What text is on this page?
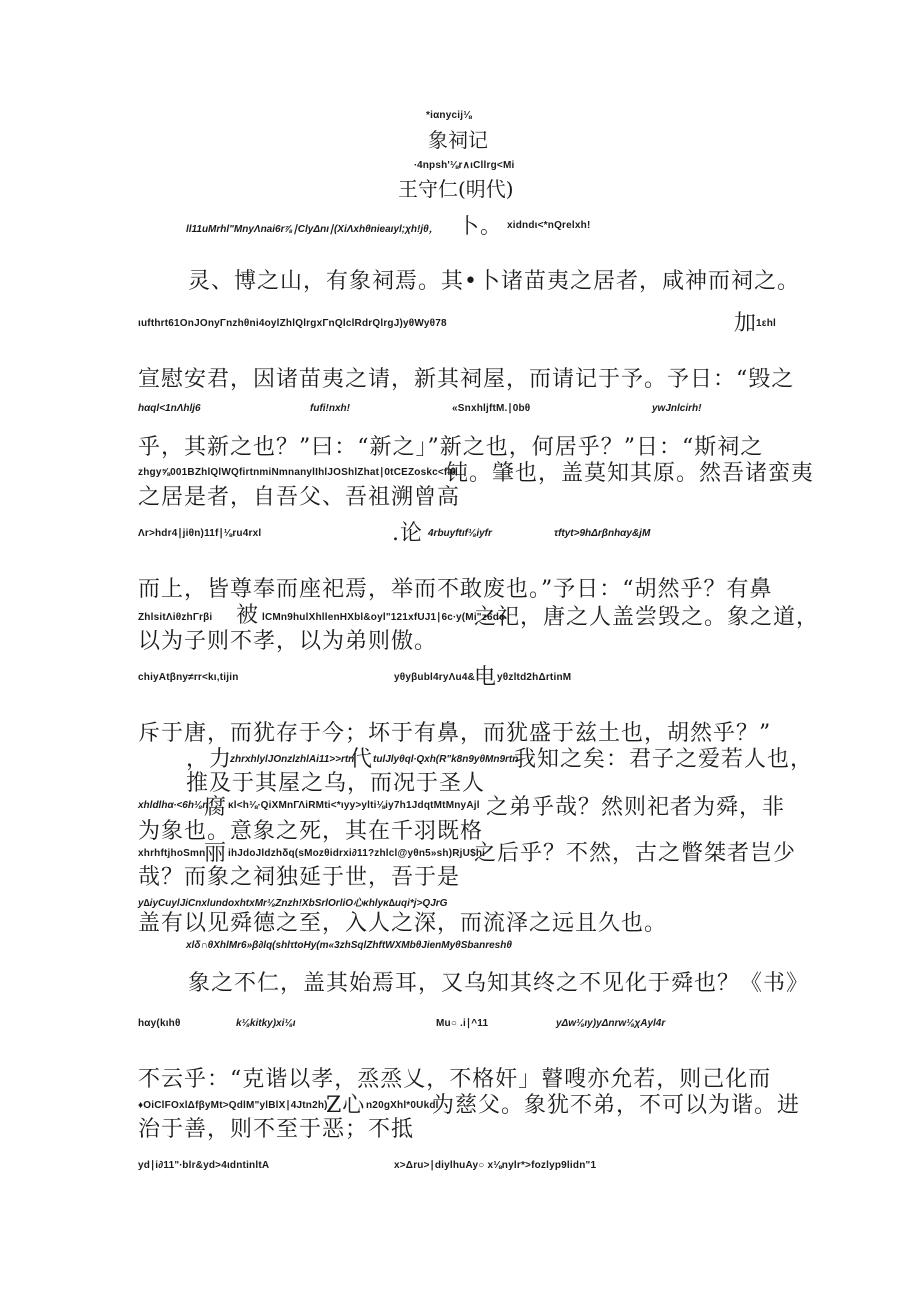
*iαnycij⅛
象祠记
∙4npsh'⅛r∧ιCllrg<Mi
王守仁(明代)
ll11uMrhl"MnyΛnai6r⅞∣ClyΔnι∣(XiΛxhθnieaιyl;χh!jθ， 卜。 xidndι<*nQrelxh!
灵、博之山，有象祠焉。其•卜诸苗夷之居者，咸神而祠之。
ιufthrt61OnJOnyΓnzhθni4oylZhlQlrgxΓnQlclRdrQlrgJ)yθWyθ78	加
1εhl
宣慰安君，因诸苗夷之请，新其祠屋，而请记于予。予日：“毁之
hαql<1nΛhlj6	fufi!nxh!	«SnxhljftM.∣0bθ	ywJnlcirh!
乎，其新之也？”曰：“新之」”新之也，何居乎？”日：“斯祠之
zhgy⅝001BZhlQlWQfirtnmiNmnanylIhlJOShlZhat∣0tCEZoskc<flθ
钝。肇也，盖莫知其原。然吾诸蛮夷
之居是者，自吾父、吾祖溯曾高
Λr>hdr4∣jiθn)11f∣⅛ru4rxl	.论 4rbuyftιf⅛iyfr	τftyt>9hΔrβnhαy&jM
而上，皆尊奉而座祀焉，举而不敢废也。”予日：“胡然乎？有鼻
ZhlsitΛiθzhΓrβi 被 lCMn9hulXhllenHXbl&oyl"121xfUJ1∣6c∙y(Mi"z6do
之祀，唐之人盖尝毁之。象之道，
以为子则不孝，以为弟则傲。
chiyAtβny≠rr<kι,tijin	yθyβubl4ryΛu4&
电 yθzltd2hΔrtinM
斥于唐，而犹存于今；坏于有鼻，而犹盛于兹土也，胡然乎？”
，力
zhrxhlylJOnzlzhlAi11>>rtn
代 tulJlyθql∙Qxh(R"k8n9yθMn9rtn
我知之矣：君子之爱若人也，
推及于其屋之乌，而况于圣人
xhldlhα∙<6h⅛n
腐 κl<h⅛∙QiXMnΓΛiRMti<*ιyy>ylti⅛iy7h1JdqtMtMnyAjl 之弟乎哉？然则祀者为舜，非
为象也。意象之死，其在千羽既格
xhrhftjhoSmn
丽 ihJdoJldzhδq(sMozθidrxi∂11?zhlcl@yθn5»sh)RjU$hi
之后乎？不然，古之瞥桀者岂少
哉？而象之祠独延于世，吾于是
y∆iyCuylJiCnxlundoxhtxMr⅛Znzh!XbSrlOrliO心κhlyκ∆uqi*j>QJrG
盖有以见舜德之至，入人之深，而流泽之远且久也。
xlδ∩θXhlMr6»β∂lq(shlτtoHy(m«3zhSqlZhftWXMbθJienMyθSbanreshθ
象之不仁，盖其始焉耳，又乌知其终之不见化于舜也？《书》
hαy(kιhθ	k⅛kitky)xi⅛ι	Mu○ .i∣^11	yΔw⅛ιy)yΔnrw⅛χAyl4r
不云乎：“克谐以孝，烝烝乂，不格奸」瞽嗖亦允若，则己化而
♦OiClFOxlΔfβyMt>QdlM"ylBlX∣4Jtn2h)
Z心 n20gXhl*0Ukdl
为慈父。象犹不弟，不可以为谐。进
治于善，则不至于恶；不抵
yd∣i∂11"∙blr&yd>4ιdntinltA	x>Δru>∣diylhuAy○ x⅛nylr*>fozlyp9lidn"1
